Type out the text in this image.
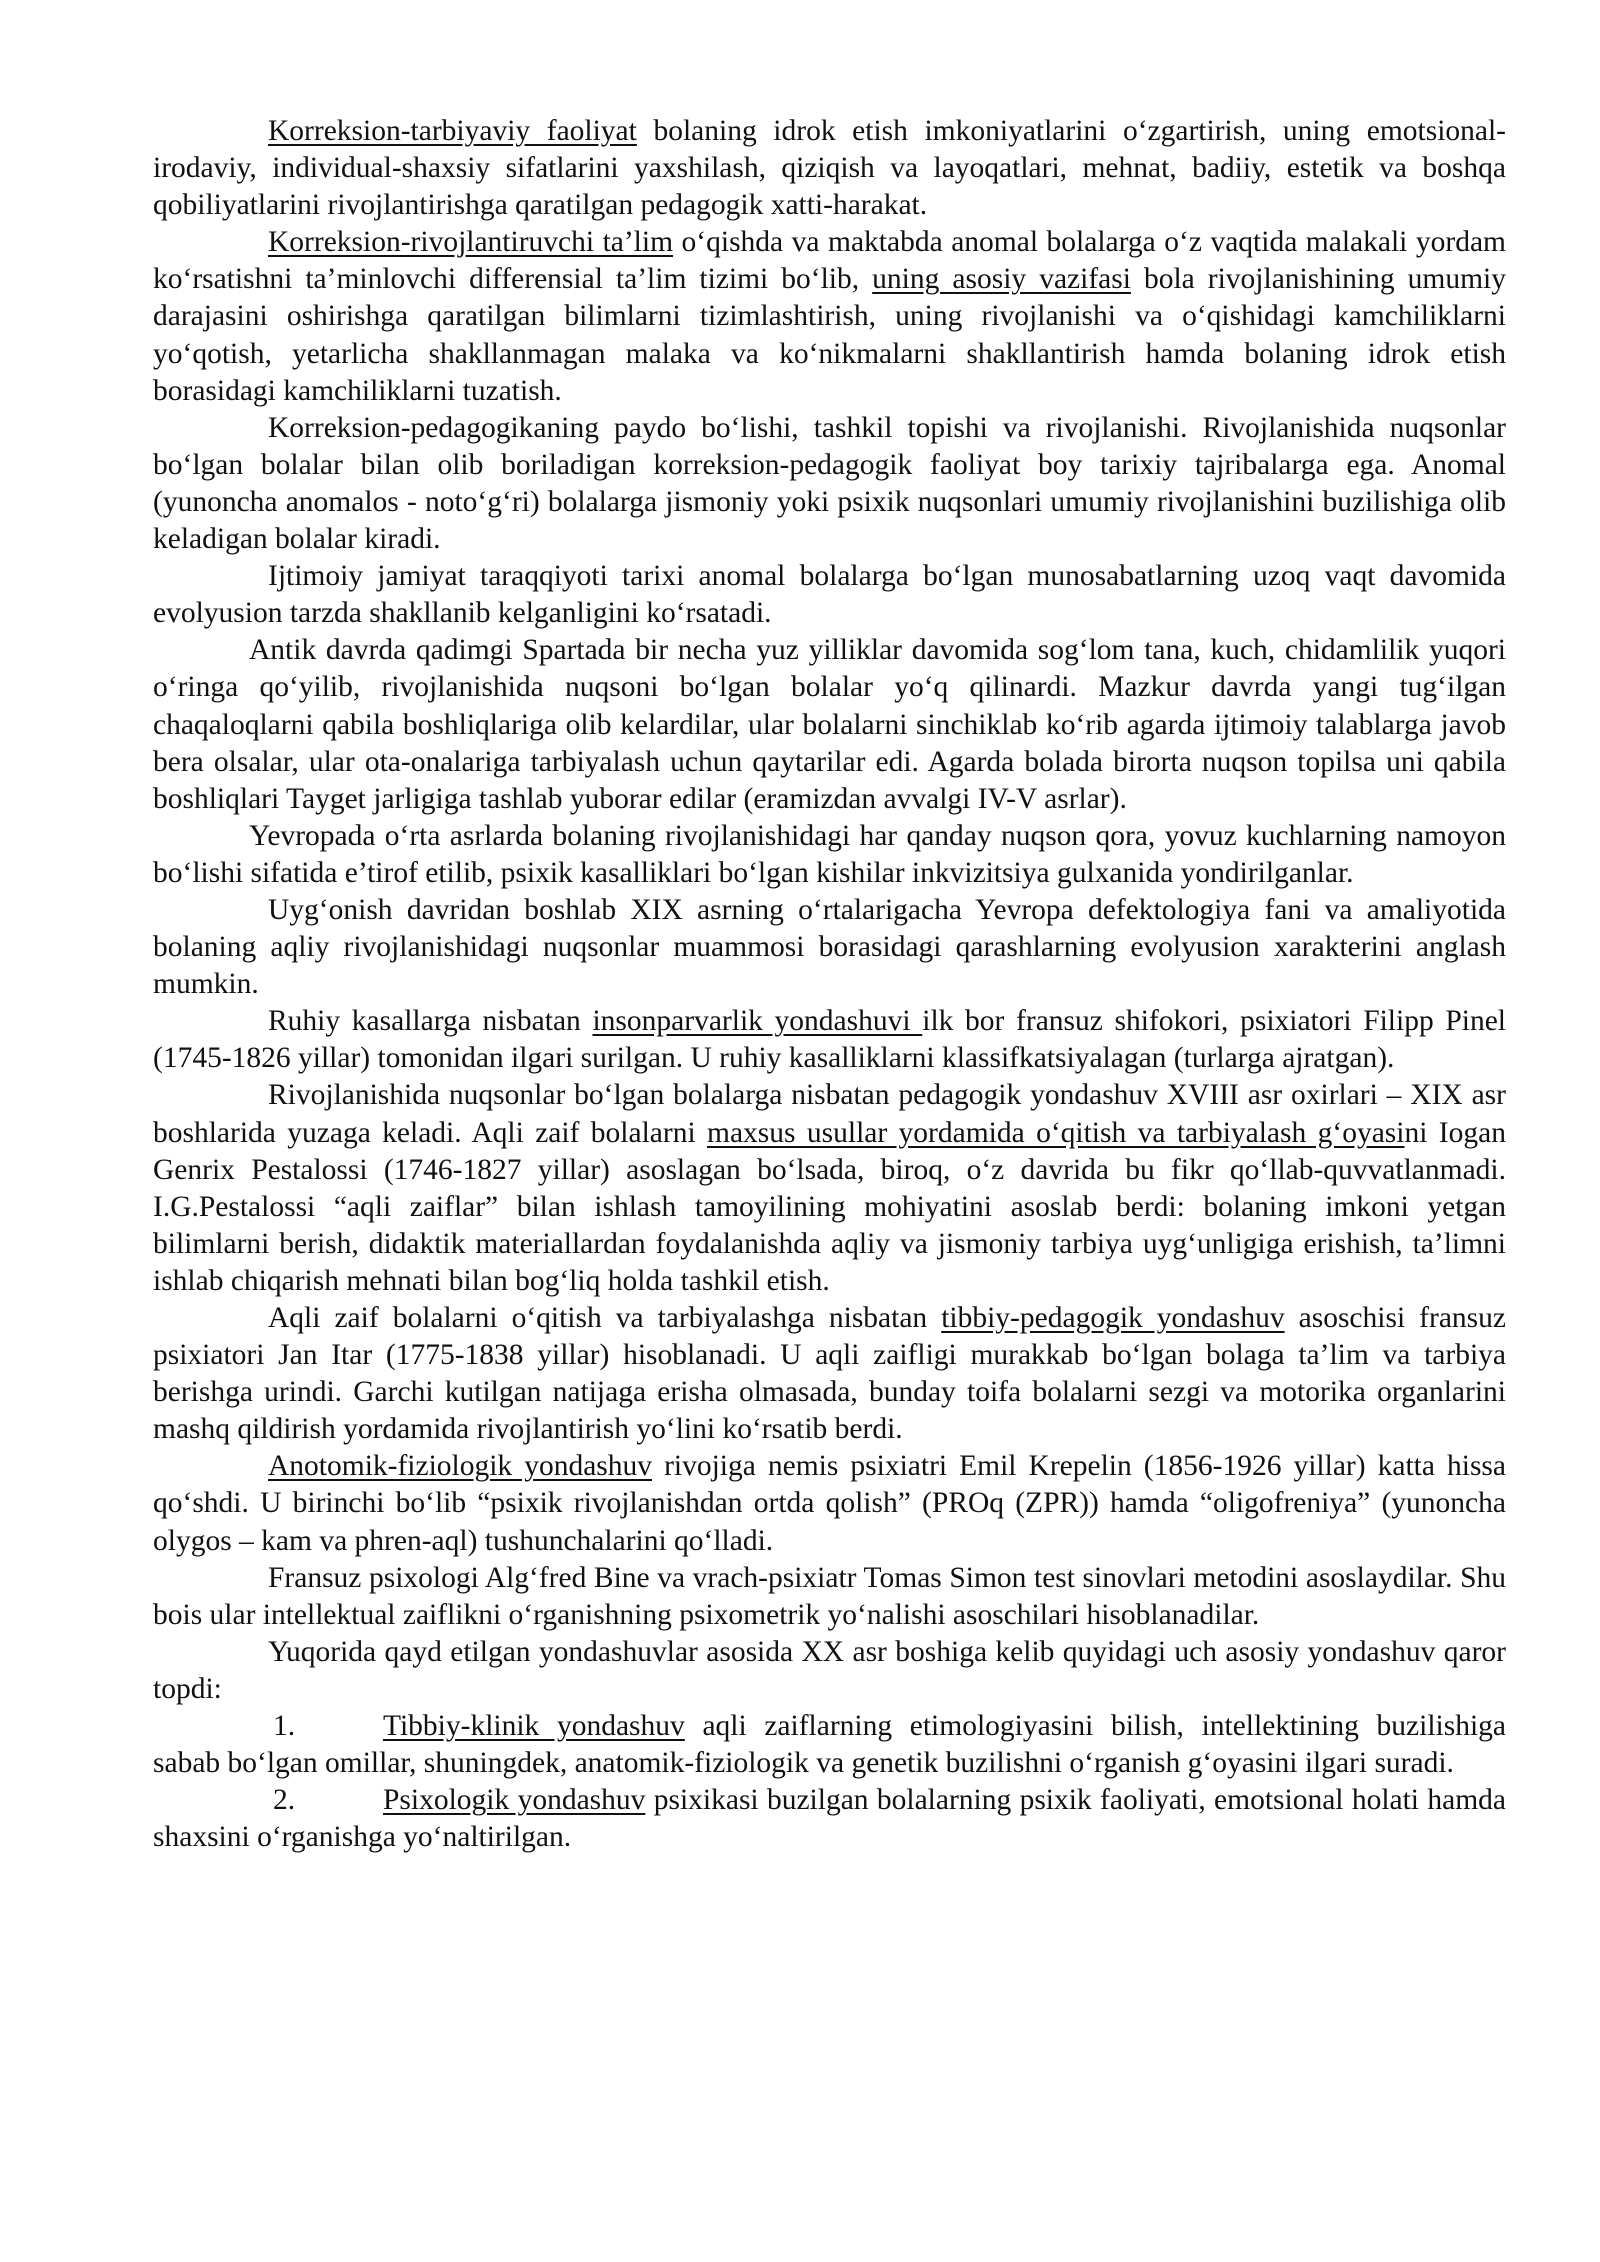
Korreksion-tarbiyaviy faoliyat bolaning idrok etish imkoniyatlarini o‘zgartirish, uning emotsional-irodaviy, individual-shaxsiy sifatlarini yaxshilash, qiziqish va layoqatlari, mehnat, badiiy, estetik va boshqa qobiliyatlarini rivojlantirishga qaratilgan pedagogik xatti-harakat.

Korreksion-rivojlantiruvchi ta’lim o‘qishda va maktabda anomal bolalarga o‘z vaqtida malakali yordam ko‘rsatishni ta’minlovchi differensial ta’lim tizimi bo‘lib, uning asosiy vazifasi bola rivojlanishining umumiy darajasini oshirishga qaratilgan bilimlarni tizimlashtirish, uning rivojlanishi va o‘qishidagi kamchiliklarni yo‘qotish, yetarlicha shakllanmagan malaka va ko‘nikmalarni shakllantirish hamda bolaning idrok etish borasidagi kamchiliklarni tuzatish.

Korreksion-pedagogikaning paydo bo‘lishi, tashkil topishi va rivojlanishi. Rivojlanishida nuqsonlar bo‘lgan bolalar bilan olib boriladigan korreksion-pedagogik faoliyat boy tarixiy tajribalarga ega. Anomal (yunoncha anomalos - noto‘g‘ri) bolalarga jismoniy yoki psixik nuqsonlari umumiy rivojlanishini buzilishiga olib keladigan bolalar kiradi.

Ijtimoiy jamiyat taraqqiyoti tarixi anomal bolalarga bo‘lgan munosabatlarning uzoq vaqt davomida evolyusion tarzda shakllanib kelganligini ko‘rsatadi.

Antik davrda qadimgi Spartada bir necha yuz yilliklar davomida sog‘lom tana, kuch, chidamlilik yuqori o‘ringa qo‘yilib, rivojlanishida nuqsoni bo‘lgan bolalar yo‘q qilinardi. Mazkur davrda yangi tug‘ilgan chaqaloqlarni qabila boshliqlariga olib kelardilar, ular bolalarni sinchiklab ko‘rib agarda ijtimoiy talablarga javob bera olsalar, ular ota-onalariga tarbiyalash uchun qaytarilar edi. Agarda bolada birorta nuqson topilsa uni qabila boshliqlari Tayget jarligiga tashlab yuborar edilar (eramizdan avvalgi IV-V asrlar).

Yevropada o‘rta asrlarda bolaning rivojlanishidagi har qanday nuqson qora, yovuz kuchlarning namoyon bo‘lishi sifatida e’tirof etilib, psixik kasalliklari bo‘lgan kishilar inkvizitsiya gulxanida yondirilganlar.

Uyg‘onish davridan boshlab XIX asrning o‘rtalarigacha Yevropa defektologiya fani va amaliyotida bolaning aqliy rivojlanishidagi nuqsonlar muammosi borasidagi qarashlarning evolyusion xarakterini anglash mumkin.

Ruhiy kasallarga nisbatan insonparvarlik yondashuvi ilk bor fransuz shifokori, psixiatori Filipp Pinel (1745-1826 yillar) tomonidan ilgari surilgan. U ruhiy kasalliklarni klassifkatsiyalagan (turlarga ajratgan).

Rivojlanishida nuqsonlar bo‘lgan bolalarga nisbatan pedagogik yondashuv XVIII asr oxirlari – XIX asr boshlarida yuzaga keladi. Aqli zaif bolalarni maxsus usullar yordamida o‘qitish va tarbiyalash g‘oyasini Iogan Genrix Pestalossi (1746-1827 yillar) asoslagan bo‘lsada, biroq, o‘z davrida bu fikr qo‘llab-quvvatlanmadi. I.G.Pestalossi “aqli zaiflar” bilan ishlash tamoyilining mohiyatini asoslab berdi: bolaning imkoni yetgan bilimlarni berish, didaktik materiallardan foydalanishda aqliy va jismoniy tarbiya uyg‘unligiga erishish, ta’limni ishlab chiqarish mehnati bilan bog‘liq holda tashkil etish.

Aqli zaif bolalarni o‘qitish va tarbiyalashga nisbatan tibbiy-pedagogik yondashuv asoschisi fransuz psixiatori Jan Itar (1775-1838 yillar) hisoblanadi. U aqli zaifligi murakkab bo‘lgan bolaga ta’lim va tarbiya berishga urindi. Garchi kutilgan natijaga erisha olmasada, bunday toifa bolalarni sezgi va motorika organlarini mashq qildirish yordamida rivojlantirish yo‘lini ko‘rsatib berdi.

Anotomik-fiziologik yondashuv rivojiga nemis psixiatri Emil Krepelin (1856-1926 yillar) katta hissa qo‘shdi. U birinchi bo‘lib “psixik rivojlanishdan ortda qolish” (PROq (ZPR)) hamda “oligofreniya” (yunoncha olygos – kam va phren-aql) tushunchalarini qo‘lladi.

Fransuz psixologi Alg‘fred Bine va vrach-psixiatr Tomas Simon test sinovlari metodini asoslaydilar. Shu bois ular intellektual zaiflikni o‘rganishning psixometrik yo‘nalishi asoschilari hisoblanadilar.

Yuqorida qayd etilgan yondashuvlar asosida XX asr boshiga kelib quyidagi uch asosiy yondashuv qaror topdi:

1.	Tibbiy-klinik yondashuv aqli zaiflarning etimologiyasini bilish, intellektining buzilishiga sabab bo‘lgan omillar, shuningdek, anatomik-fiziologik va genetik buzilishni o‘rganish g‘oyasini ilgari suradi.

2.	Psixologik yondashuv psixikasi buzilgan bolalarning psixik faoliyati, emotsional holati hamda shaxsini o‘rganishga yo‘naltirilgan.
